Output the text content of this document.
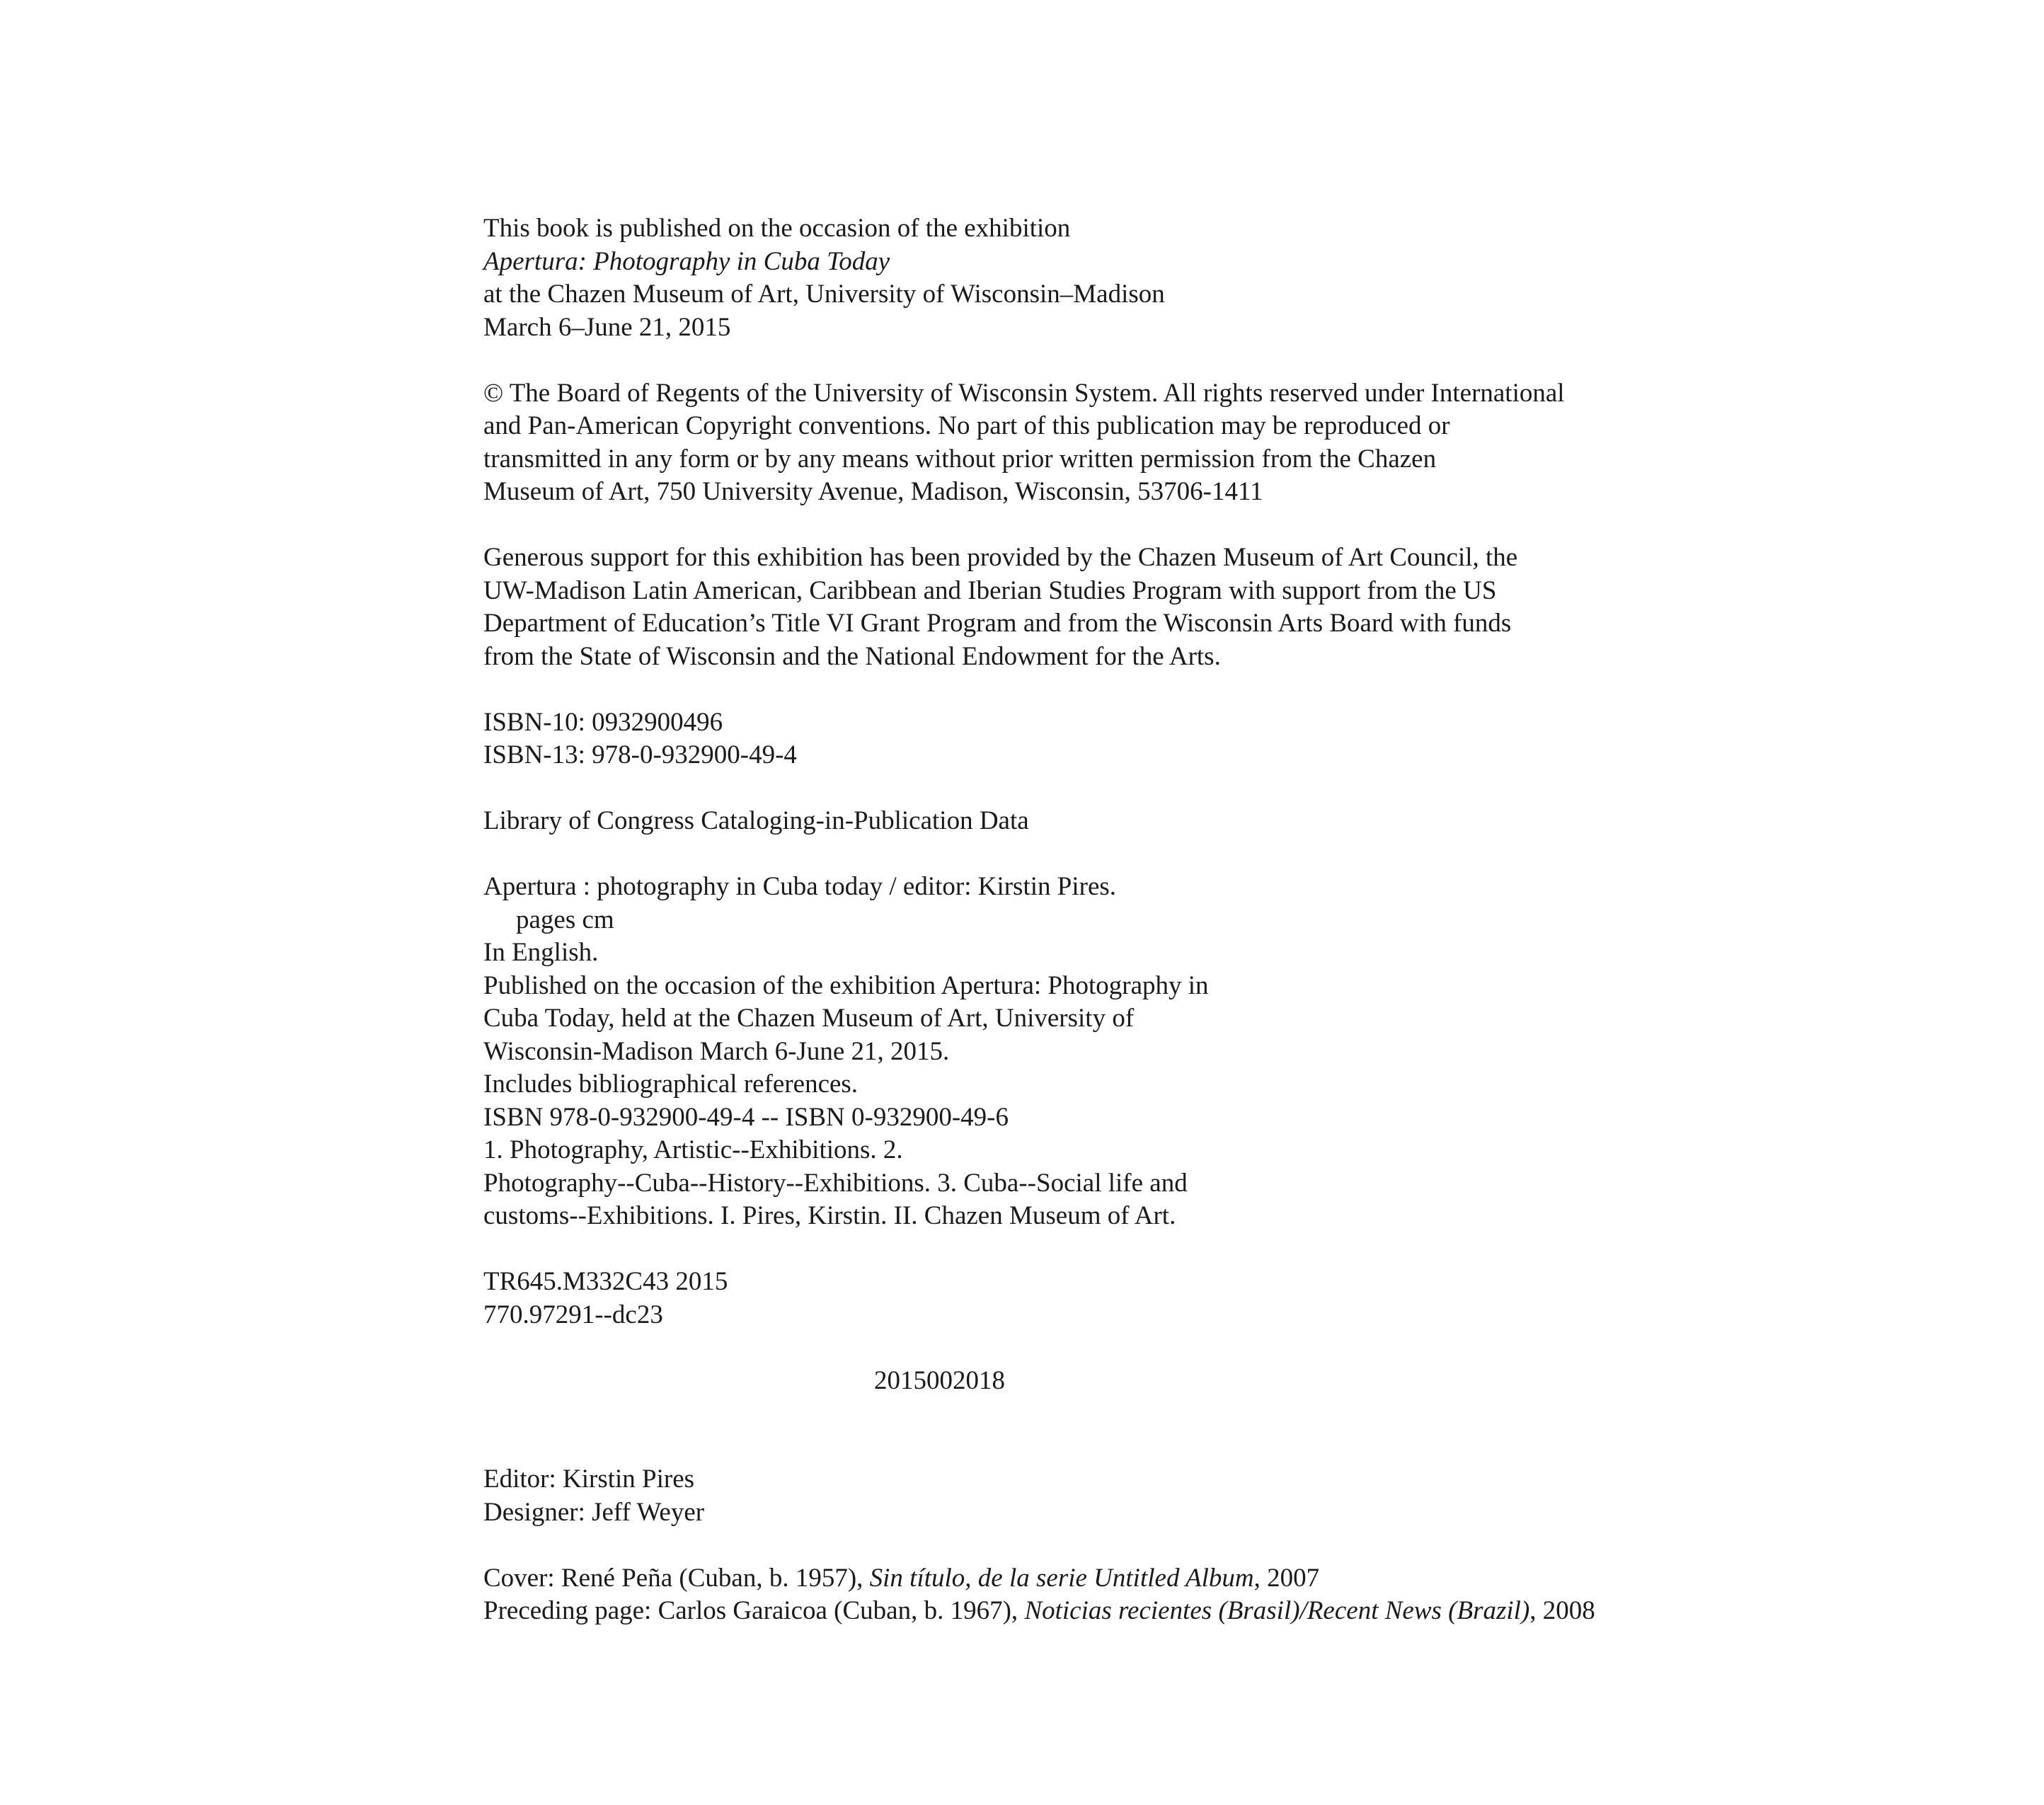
This book is published on the occasion of the exhibition
Apertura: Photography in Cuba Today
at the Chazen Museum of Art, University of Wisconsin–Madison
March 6–June 21, 2015

© The Board of Regents of the University of Wisconsin System. All rights reserved under International
and Pan-American Copyright conventions. No part of this publication may be reproduced or
transmitted in any form or by any means without prior written permission from the Chazen
Museum of Art, 750 University Avenue, Madison, Wisconsin, 53706-1411

Generous support for this exhibition has been provided by the Chazen Museum of Art Council, the
UW-Madison Latin American, Caribbean and Iberian Studies Program with support from the US
Department of Education’s Title VI Grant Program and from the Wisconsin Arts Board with funds
from the State of Wisconsin and the National Endowment for the Arts.

ISBN-10: 0932900496
ISBN-13: 978-0-932900-49-4

Library of Congress Cataloging-in-Publication Data

Apertura : photography in Cuba today / editor: Kirstin Pires.
pages cm
In English.
Published on the occasion of the exhibition Apertura: Photography in
Cuba Today, held at the Chazen Museum of Art, University of
Wisconsin-Madison March 6-June 21, 2015.
Includes bibliographical references.
ISBN 978-0-932900-49-4 -- ISBN 0-932900-49-6
1. Photography, Artistic--Exhibitions. 2.
Photography--Cuba--History--Exhibitions. 3. Cuba--Social life and
customs--Exhibitions. I. Pires, Kirstin. II. Chazen Museum of Art.

TR645.M332C43 2015
770.97291--dc23

2015002018

Editor: Kirstin Pires
Designer: Jeff Weyer

Cover: René Peña (Cuban, b. 1957), Sin título, de la serie Untitled Album, 2007
Preceding page: Carlos Garaicoa (Cuban, b. 1967), Noticias recientes (Brasil)/Recent News (Brazil), 2008
